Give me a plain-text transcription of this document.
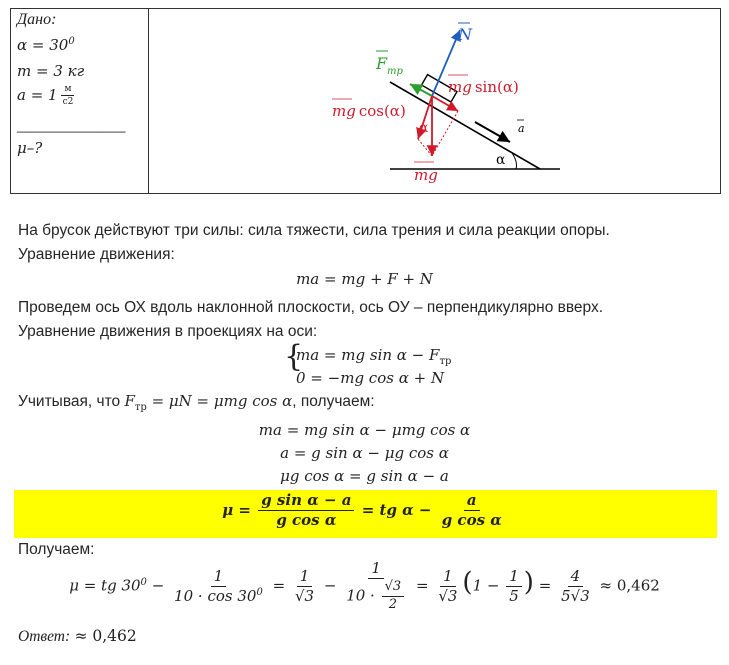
Дано:
$\alpha = 30^0$
m = 3 кг
$a = 1 \frac{м}{с2}$
_______________
μ–?
α
a
N
F тр
mg
mg sin(α)
mg cos(α)
α
На брусок действуют три силы: сила тяжести, сила трения и сила реакции опоры.
Уравнение движения:
ma = mg + F + N
Проведем ось ОХ вдоль наклонной плоскости, ось ОУ – перпендикулярно вверх.
Уравнение движения в проекциях на оси:
{
ma = mg $\sin \alpha - F_{тр}$
0 = −mg cos α + N
Учитывая, что $F_{тр} = \mu N = \mu mg$ cos α, получаем:
ma = mg sin α − μmg cos α
a = g sin α − μg cos α
μg cos α = g sin α − a
$\mu = \frac{\text{g sin α − a}}{\text{g cos α}}$ = tg $\alpha - \frac{a}{\text{g cos α}}$
Получаем:
μ = tg $30^0 - \frac{1}{10 \cdot \cos 30^0} = \frac{1}{√3} - \frac{1}{10 \cdot \frac{√3}{2}} = \frac{1}{√3} (1 - \frac{1}{5}$ ) = $\frac{4}{5√3} \approx 0,462$
Ответ: ≈ 0,462
